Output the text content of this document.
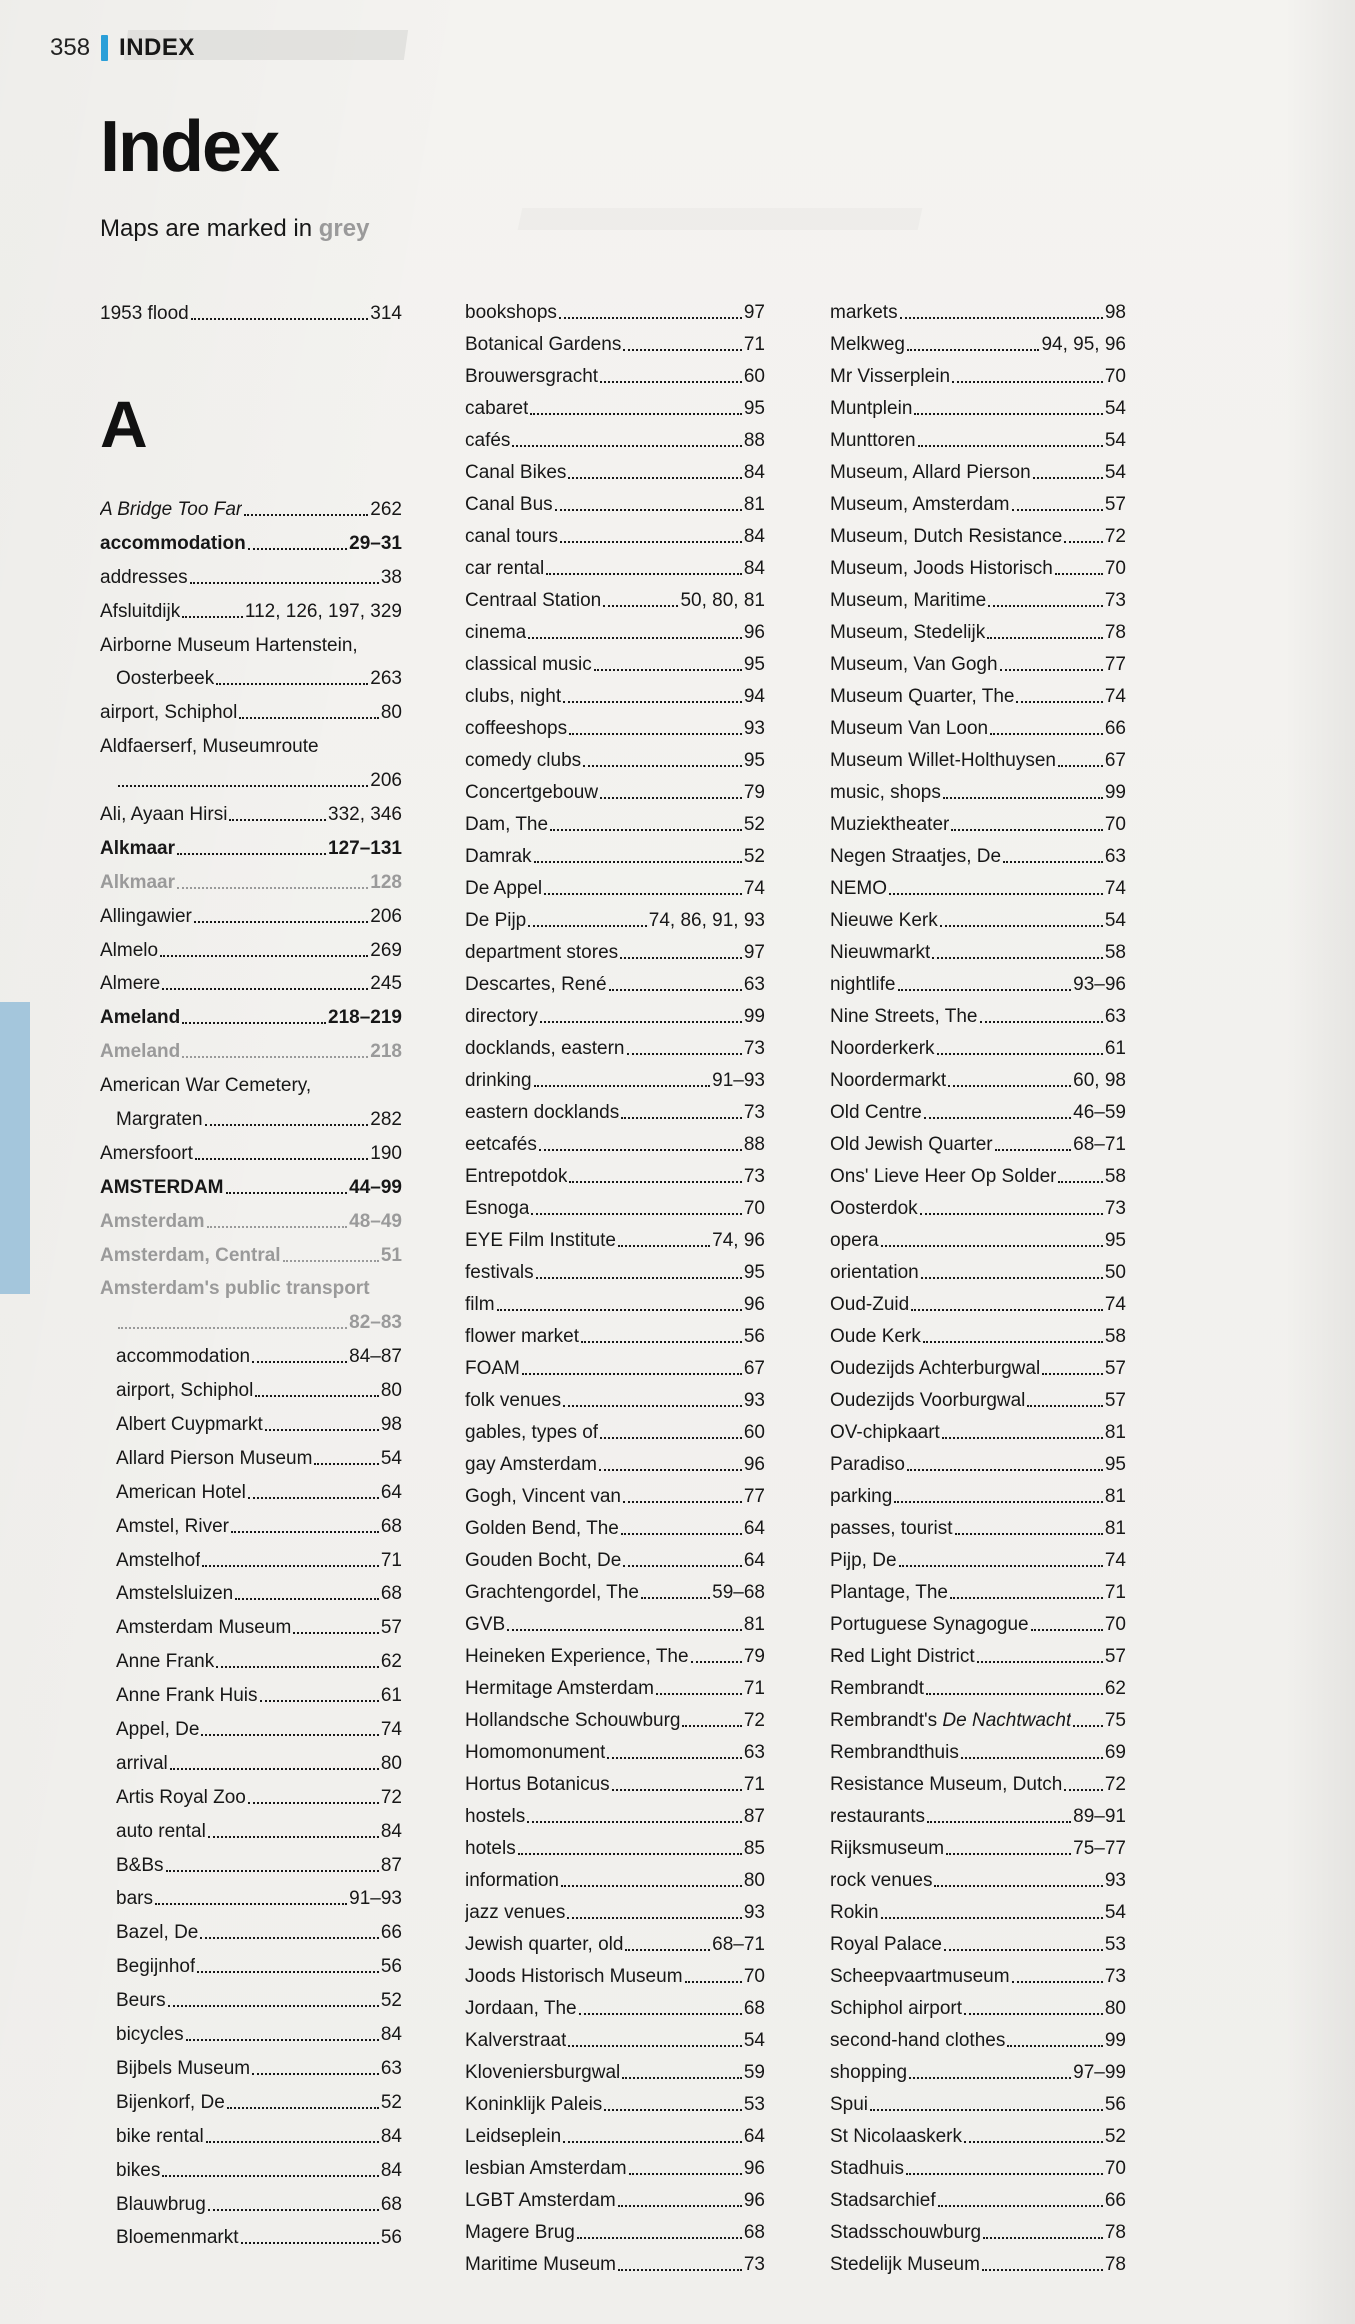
358 INDEX
Index

Maps are marked in grey

1953 flood	314
A
A Bridge Too Far	262
accommodation	29–31
addresses	38
Afsluitdijk	112, 126, 197, 329
Airborne Museum Hartenstein,
Oosterbeek	263
airport, Schiphol	80
Aldfaerserf, Museumroute
206
Ali, Ayaan Hirsi	332, 346
Alkmaar	127–131
Alkmaar	128
Allingawier	206
Almelo	269
Almere	245
Ameland	218–219
Ameland	218
American War Cemetery,
Margraten	282
Amersfoort	190
AMSTERDAM	44–99
Amsterdam	48–49
Amsterdam, Central	51
Amsterdam's public transport
82–83
accommodation	84–87
airport, Schiphol	80
Albert Cuypmarkt	98
Allard Pierson Museum	54
American Hotel	64
Amstel, River	68
Amstelhof	71
Amstelsluizen	68
Amsterdam Museum	57
Anne Frank	62
Anne Frank Huis	61
Appel, De	74
arrival	80
Artis Royal Zoo	72
auto rental	84
B&Bs	87
bars	91–93
Bazel, De	66
Begijnhof	56
Beurs	52
bicycles	84
Bijbels Museum	63
Bijenkorf, De	52
bike rental	84
bikes	84
Blauwbrug	68
Bloemenmarkt	56
bookshops	97
Botanical Gardens	71
Brouwersgracht	60
cabaret	95
cafés	88
Canal Bikes	84
Canal Bus	81
canal tours	84
car rental	84
Centraal Station	50, 80, 81
cinema	96
classical music	95
clubs, night	94
coffeeshops	93
comedy clubs	95
Concertgebouw	79
Dam, The	52
Damrak	52
De Appel	74
De Pijp	74, 86, 91, 93
department stores	97
Descartes, René	63
directory	99
docklands, eastern	73
drinking	91–93
eastern docklands	73
eetcafés	88
Entrepotdok	73
Esnoga	70
EYE Film Institute	74, 96
festivals	95
film	96
flower market	56
FOAM	67
folk venues	93
gables, types of	60
gay Amsterdam	96
Gogh, Vincent van	77
Golden Bend, The	64
Gouden Bocht, De	64
Grachtengordel, The	59–68
GVB	81
Heineken Experience, The	79
Hermitage Amsterdam	71
Hollandsche Schouwburg	72
Homomonument	63
Hortus Botanicus	71
hostels	87
hotels	85
information	80
jazz venues	93
Jewish quarter, old	68–71
Joods Historisch Museum	70
Jordaan, The	68
Kalverstraat	54
Kloveniersburgwal	59
Koninklijk Paleis	53
Leidseplein	64
lesbian Amsterdam	96
LGBT Amsterdam	96
Magere Brug	68
Maritime Museum	73
markets	98
Melkweg	94, 95, 96
Mr Visserplein	70
Muntplein	54
Munttoren	54
Museum, Allard Pierson	54
Museum, Amsterdam	57
Museum, Dutch Resistance 72
Museum, Joods Historisch	70
Museum, Maritime	73
Museum, Stedelijk	78
Museum, Van Gogh	77
Museum Quarter, The	74
Museum Van Loon	66
Museum Willet-Holthuysen	67
music, shops	99
Muziektheater	70
Negen Straatjes, De	63
NEMO	74
Nieuwe Kerk	54
Nieuwmarkt	58
nightlife	93–96
Nine Streets, The	63
Noorderkerk	61
Noordermarkt	60, 98
Old Centre	46–59
Old Jewish Quarter	68–71
Ons' Lieve Heer Op Solder	58
Oosterdok	73
opera	95
orientation	50
Oud-Zuid	74
Oude Kerk	58
Oudezijds Achterburgwal	57
Oudezijds Voorburgwal	57
OV-chipkaart	81
Paradiso	95
parking	81
passes, tourist	81
Pijp, De	74
Plantage, The	71
Portuguese Synagogue	70
Red Light District	57
Rembrandt	62
Rembrandt's De Nachtwacht 75
Rembrandthuis	69
Resistance Museum, Dutch 72
restaurants	89–91
Rijksmuseum	75–77
rock venues	93
Rokin	54
Royal Palace	53
Scheepvaartmuseum	73
Schiphol airport	80
second-hand clothes	99
shopping	97–99
Spui	56
St Nicolaaskerk	52
Stadhuis	70
Stadsarchief	66
Stadsschouwburg	78
Stedelijk Museum	78
